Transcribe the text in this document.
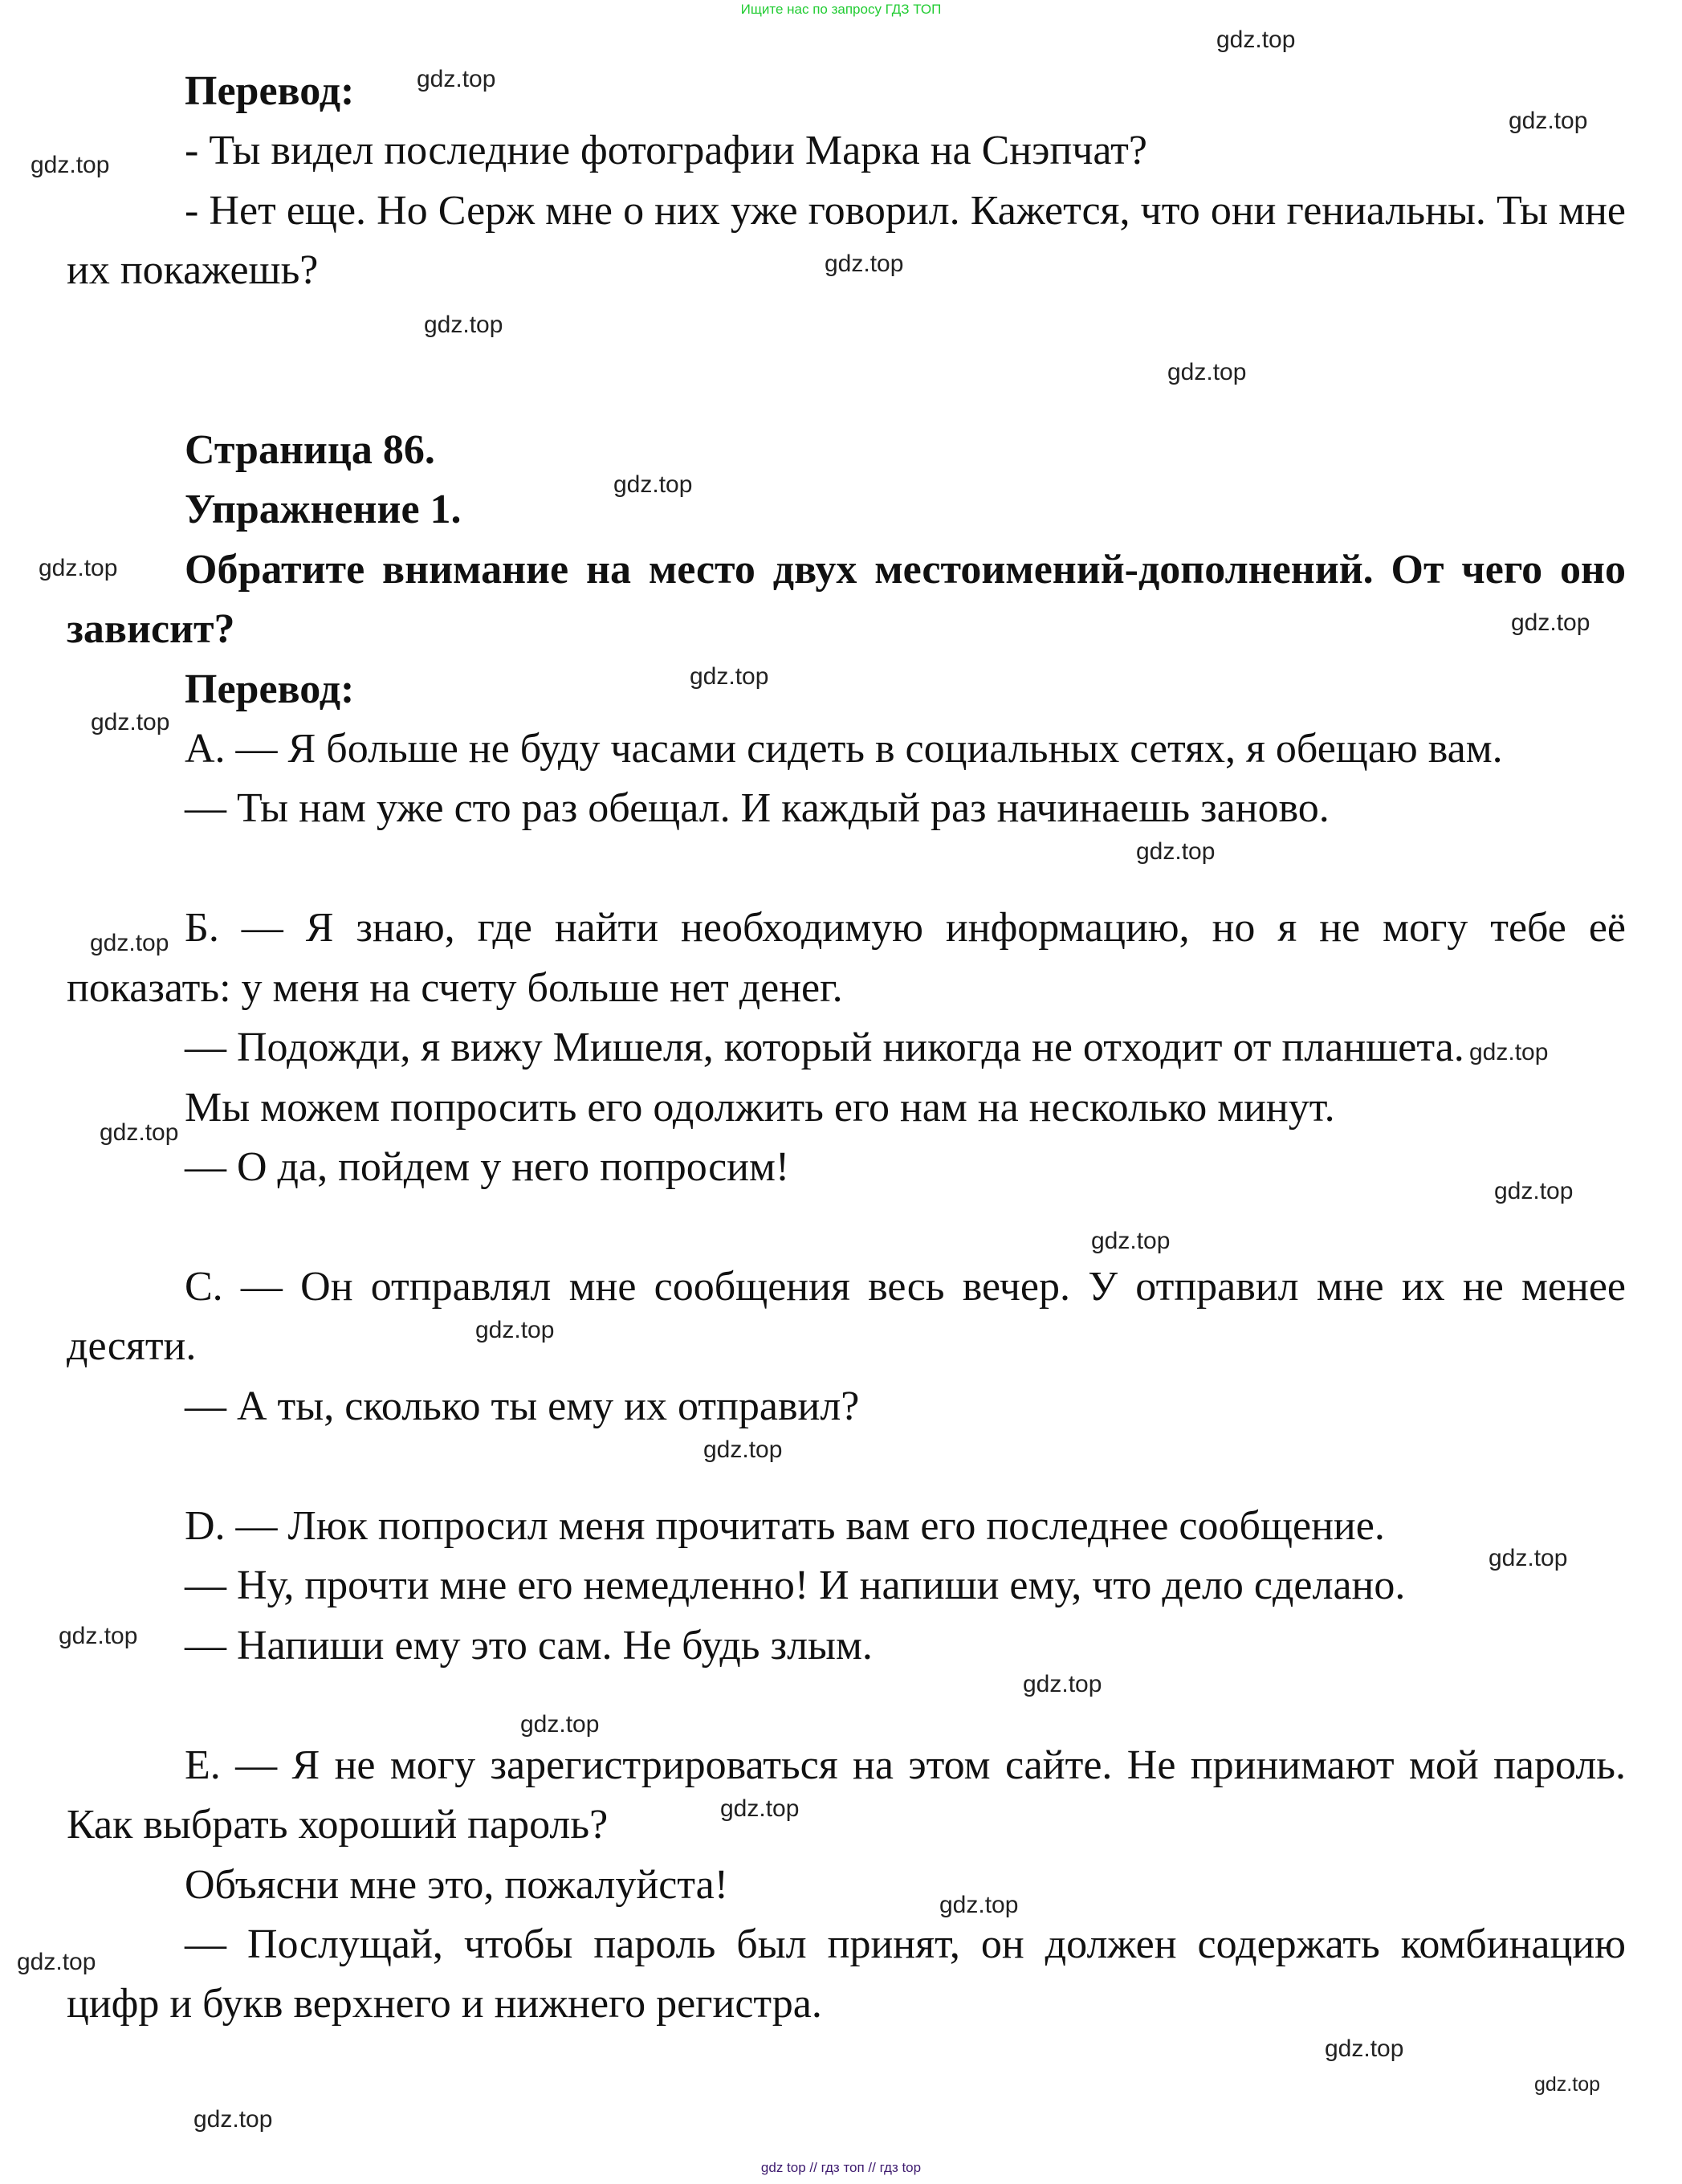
Ищите нас по запросу ГДЗ ТОП

Перевод:

- Ты видел последние фотографии Марка на Снэпчат?

- Нет еще. Но Серж мне о них уже говорил. Кажется, что они гениальны. Ты мне их покажешь?

Страница 86.

Упражнение 1.

Обратите внимание на место двух местоимений-дополнений. От чего оно зависит?

Перевод:

А. — Я больше не буду часами сидеть в социальных сетях, я обещаю вам.

— Ты нам уже сто раз обещал. И каждый раз начинаешь заново.

Б. — Я знаю, где найти необходимую информацию, но я не могу тебе её показать: у меня на счету больше нет денег.

— Подожди, я вижу Мишеля, который никогда не отходит от планшета.

Мы можем попросить его одолжить его нам на несколько минут.

— О да, пойдем у него попросим!

C. — Он отправлял мне сообщения весь вечер. У отправил мне их не менее десяти.

— А ты, сколько ты ему их отправил?

D. — Люк попросил меня прочитать вам его последнее сообщение.

— Ну, прочти мне его немедленно! И напиши ему, что дело сделано.

— Напиши ему это сам. Не будь злым.

E. — Я не могу зарегистрироваться на этом сайте. Не принимают мой пароль. Как выбрать хороший пароль?

Объясни мне это, пожалуйста!

— Послущай, чтобы пароль был принят, он должен содержать комбинацию цифр и букв верхнего и нижнего регистра.

gdz.top
gdz.top
gdz.top
gdz.top
gdz.top
gdz.top
gdz.top
gdz.top
gdz.top
gdz.top
gdz.top
gdz.top
gdz.top
gdz.top
gdz.top
gdz.top
gdz.top
gdz.top
gdz.top
gdz.top
gdz.top
gdz.top
gdz.top
gdz.top
gdz.top
gdz.top
gdz.top
gdz.top
gdz.top
gdz.top
gdz top // гдз топ // гдз top
